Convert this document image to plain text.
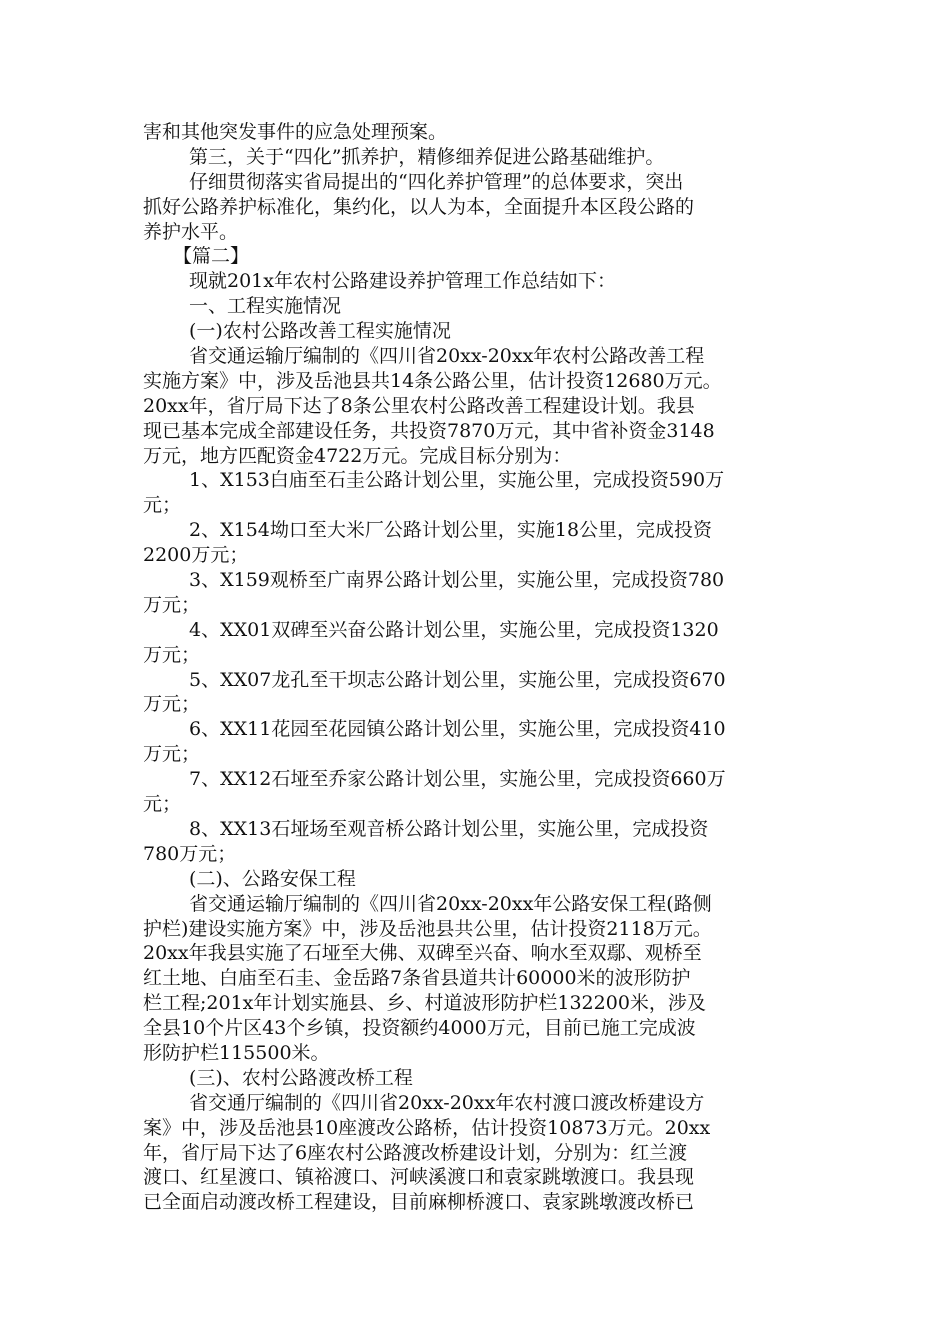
害和其他突发事件的应急处理预案。
第三，关于“四化”抓养护，精修细养促进公路基础维护。
仔细贯彻落实省局提出的“四化养护管理”的总体要求，突出
抓好公路养护标准化，集约化，以人为本，全面提升本区段公路的
养护水平。
【篇二】
现就201x年农村公路建设养护管理工作总结如下：
一、工程实施情况
(一)农村公路改善工程实施情况
省交通运输厅编制的《四川省20xx-20xx年农村公路改善工程
实施方案》中，涉及岳池县共14条公路公里，估计投资12680万元。
20xx年，省厅局下达了8条公里农村公路改善工程建设计划。我县
现已基本完成全部建设任务，共投资7870万元，其中省补资金3148
万元，地方匹配资金4722万元。完成目标分别为：
1、X153白庙至石圭公路计划公里，实施公里，完成投资590万
元；
2、X154坳口至大米厂公路计划公里，实施18公里，完成投资
2200万元；
3、X159观桥至广南界公路计划公里，实施公里，完成投资780
万元；
4、XX01双碑至兴奋公路计划公里，实施公里，完成投资1320
万元；
5、XX07龙孔至干坝志公路计划公里，实施公里，完成投资670
万元；
6、XX11花园至花园镇公路计划公里，实施公里，完成投资410
万元；
7、XX12石垭至乔家公路计划公里，实施公里，完成投资660万
元；
8、XX13石垭场至观音桥公路计划公里，实施公里，完成投资
780万元；
(二)、公路安保工程
省交通运输厅编制的《四川省20xx-20xx年公路安保工程(路侧
护栏)建设实施方案》中，涉及岳池县共公里，估计投资2118万元。
20xx年我县实施了石垭至大佛、双碑至兴奋、响水至双鄢、观桥至
红土地、白庙至石圭、金岳路7条省县道共计60000米的波形防护
栏工程;201x年计划实施县、乡、村道波形防护栏132200米，涉及
全县10个片区43个乡镇，投资额约4000万元，目前已施工完成波
形防护栏115500米。
(三)、农村公路渡改桥工程
省交通厅编制的《四川省20xx-20xx年农村渡口渡改桥建设方
案》中，涉及岳池县10座渡改公路桥，估计投资10873万元。20xx
年，省厅局下达了6座农村公路渡改桥建设计划，分别为：红兰渡
渡口、红星渡口、镇裕渡口、河峡溪渡口和袁家跳墩渡口。我县现
已全面启动渡改桥工程建设，目前麻柳桥渡口、袁家跳墩渡改桥已
